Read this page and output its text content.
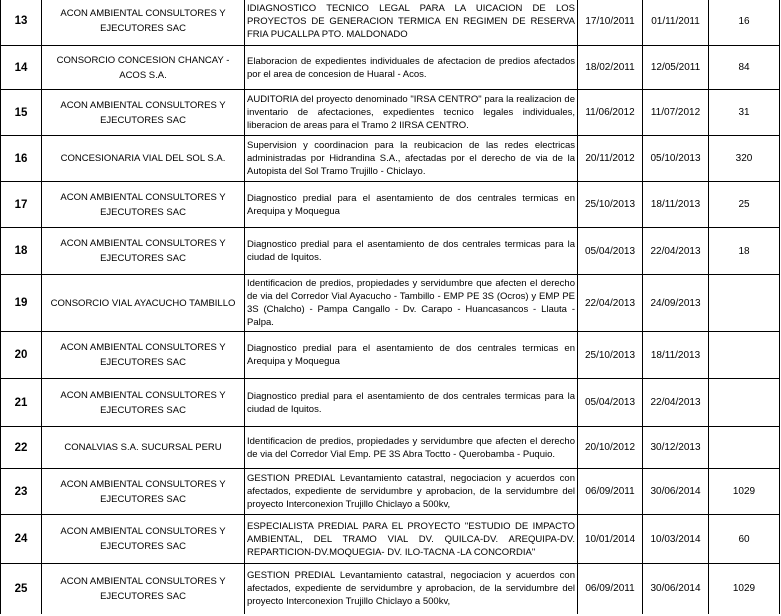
13	ACON AMBIENTAL CONSULTORES Y EJECUTORES SAC	IDIAGNOSTICO TECNICO LEGAL PARA LA UICACION DE LOS PROYECTOS DE GENERACION TERMICA EN REGIMEN DE RESERVA FRIA PUCALLPA PTO. MALDONADO	17/10/2011	01/11/2011	16
14	CONSORCIO CONCESION CHANCAY - ACOS S.A.	Elaboracion de expedientes individuales de afectacion de predios afectados por el area de concesion de Huaral - Acos.	18/02/2011	12/05/2011	84
15	ACON AMBIENTAL CONSULTORES Y EJECUTORES SAC	AUDITORIA del proyecto denominado "IRSA CENTRO" para la realizacion de inventario de afectaciones, expedientes tecnico legales individuales, liberacion de areas para el Tramo 2 IIRSA CENTRO.	11/06/2012	11/07/2012	31
16	CONCESIONARIA VIAL DEL SOL S.A.	Supervision y coordinacion para la reubicacion de las redes electricas administradas por Hidrandina S.A., afectadas por el derecho de via de la Autopista del Sol Tramo Trujillo - Chiclayo.	20/11/2012	05/10/2013	320
17	ACON AMBIENTAL CONSULTORES Y EJECUTORES SAC	Diagnostico predial para el asentamiento de dos centrales termicas en Arequipa y Moquegua	25/10/2013	18/11/2013	25
18	ACON AMBIENTAL CONSULTORES Y EJECUTORES SAC	Diagnostico predial para el asentamiento de dos centrales termicas para la ciudad de Iquitos.	05/04/2013	22/04/2013	18
19	CONSORCIO VIAL AYACUCHO TAMBILLO	Identificacion de predios, propiedades y servidumbre que afecten el derecho de via del Corredor Vial Ayacucho - Tambillo - EMP PE 3S (Ocros) y EMP PE 3S (Chalcho) - Pampa Cangallo - Dv. Carapo - Huancasancos - Llauta - Palpa.	22/04/2013	24/09/2013	
20	ACON AMBIENTAL CONSULTORES Y EJECUTORES SAC	Diagnostico predial para el asentamiento de dos centrales termicas en Arequipa y Moquegua	25/10/2013	18/11/2013	
21	ACON AMBIENTAL CONSULTORES Y EJECUTORES SAC	Diagnostico predial para el asentamiento de dos centrales termicas para la ciudad de Iquitos.	05/04/2013	22/04/2013	
22	CONALVIAS S.A. SUCURSAL PERU	Identificacion de predios, propiedades y servidumbre que afecten el derecho de via del Corredor Vial Emp. PE 3S Abra Toctto - Querobamba - Puquio.	20/10/2012	30/12/2013	
23	ACON AMBIENTAL CONSULTORES Y EJECUTORES SAC	GESTION PREDIAL Levantamiento catastral, negociacion y acuerdos con afectados, expediente de servidumbre y aprobacion, de la servidumbre del proyecto Interconexion Trujillo Chiclayo a 500kv,	06/09/2011	30/06/2014	1029
24	ACON AMBIENTAL CONSULTORES Y EJECUTORES SAC	ESPECIALISTA PREDIAL PARA EL PROYECTO "ESTUDIO DE IMPACTO AMBIENTAL, DEL TRAMO VIAL DV. QUILCA-DV. AREQUIPA-DV. REPARTICION-DV.MOQUEGIA- DV. ILO-TACNA -LA CONCORDIA"	10/01/2014	10/03/2014	60
25	ACON AMBIENTAL CONSULTORES Y EJECUTORES SAC	GESTION PREDIAL Levantamiento catastral, negociacion y acuerdos con afectados, expediente de servidumbre y aprobacion, de la servidumbre del proyecto Interconexion Trujillo Chiclayo a 500kv,	06/09/2011	30/06/2014	1029
